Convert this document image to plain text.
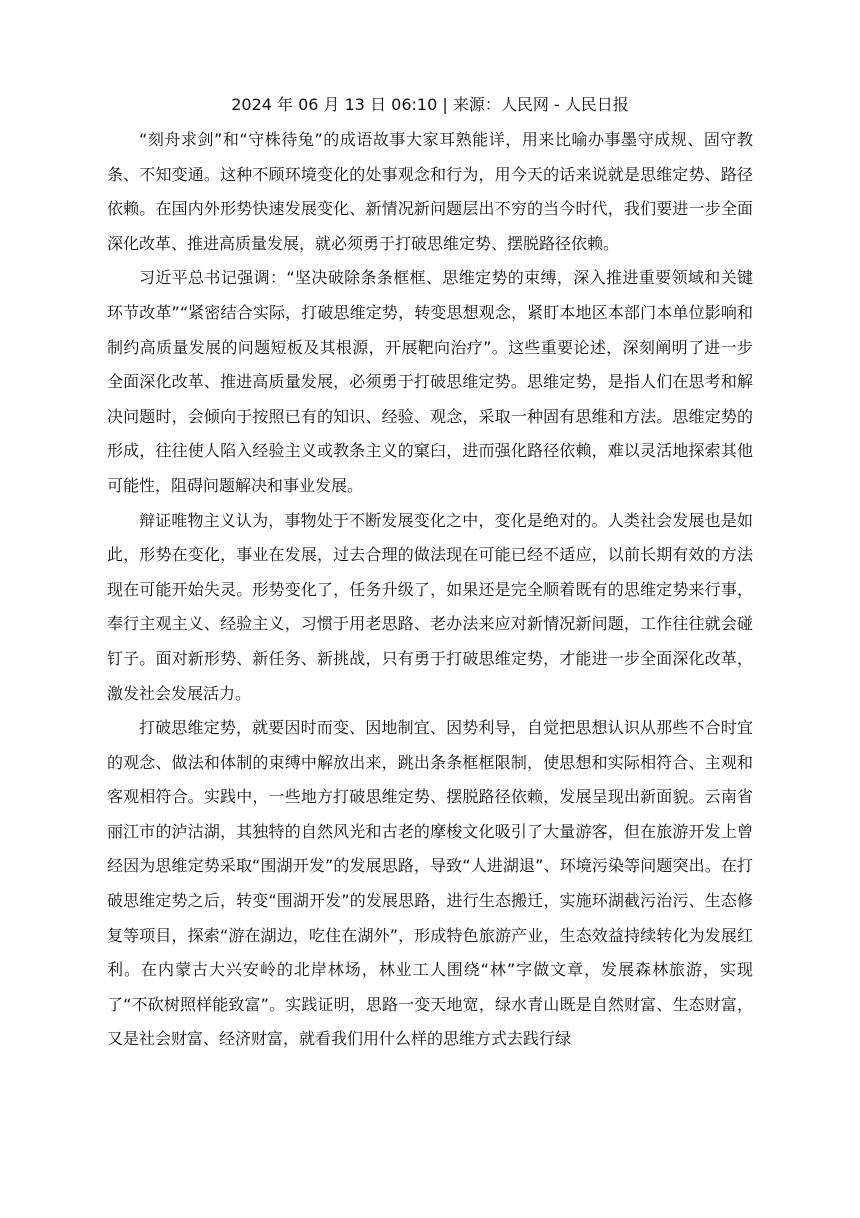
2024 年 06 月 13 日 06:10 | 来源：人民网 - 人民日报

“刻舟求剑”和“守株待兔”的成语故事大家耳熟能详，用来比喻办事墨守成规、固守教条、不知变通。这种不顾环境变化的处事观念和行为，用今天的话来说就是思维定势、路径依赖。在国内外形势快速发展变化、新情况新问题层出不穷的当今时代，我们要进一步全面深化改革、推进高质量发展，就必须勇于打破思维定势、摆脱路径依赖。

习近平总书记强调：“坚决破除条条框框、思维定势的束缚，深入推进重要领域和关键环节改革”“紧密结合实际，打破思维定势，转变思想观念，紧盯本地区本部门本单位影响和制约高质量发展的问题短板及其根源，开展靶向治疗”。这些重要论述，深刻阐明了进一步全面深化改革、推进高质量发展，必须勇于打破思维定势。思维定势，是指人们在思考和解决问题时，会倾向于按照已有的知识、经验、观念，采取一种固有思维和方法。思维定势的形成，往往使人陷入经验主义或教条主义的窠臼，进而强化路径依赖，难以灵活地探索其他可能性，阻碍问题解决和事业发展。

辩证唯物主义认为，事物处于不断发展变化之中，变化是绝对的。人类社会发展也是如此，形势在变化，事业在发展，过去合理的做法现在可能已经不适应，以前长期有效的方法现在可能开始失灵。形势变化了，任务升级了，如果还是完全顺着既有的思维定势来行事，奉行主观主义、经验主义，习惯于用老思路、老办法来应对新情况新问题，工作往往就会碰钉子。面对新形势、新任务、新挑战，只有勇于打破思维定势，才能进一步全面深化改革，激发社会发展活力。

打破思维定势，就要因时而变、因地制宜、因势利导，自觉把思想认识从那些不合时宜的观念、做法和体制的束缚中解放出来，跳出条条框框限制，使思想和实际相符合、主观和客观相符合。实践中，一些地方打破思维定势、摆脱路径依赖，发展呈现出新面貌。云南省丽江市的泸沽湖，其独特的自然风光和古老的摩梭文化吸引了大量游客，但在旅游开发上曾经因为思维定势采取“围湖开发”的发展思路，导致“人进湖退”、环境污染等问题突出。在打破思维定势之后，转变“围湖开发”的发展思路，进行生态搬迁，实施环湖截污治污、生态修复等项目，探索“游在湖边，吃住在湖外”，形成特色旅游产业，生态效益持续转化为发展红利。在内蒙古大兴安岭的北岸林场，林业工人围绕“林”字做文章，发展森林旅游，实现了“不砍树照样能致富”。实践证明，思路一变天地宽，绿水青山既是自然财富、生态财富，又是社会财富、经济财富，就看我们用什么样的思维方式去践行绿
